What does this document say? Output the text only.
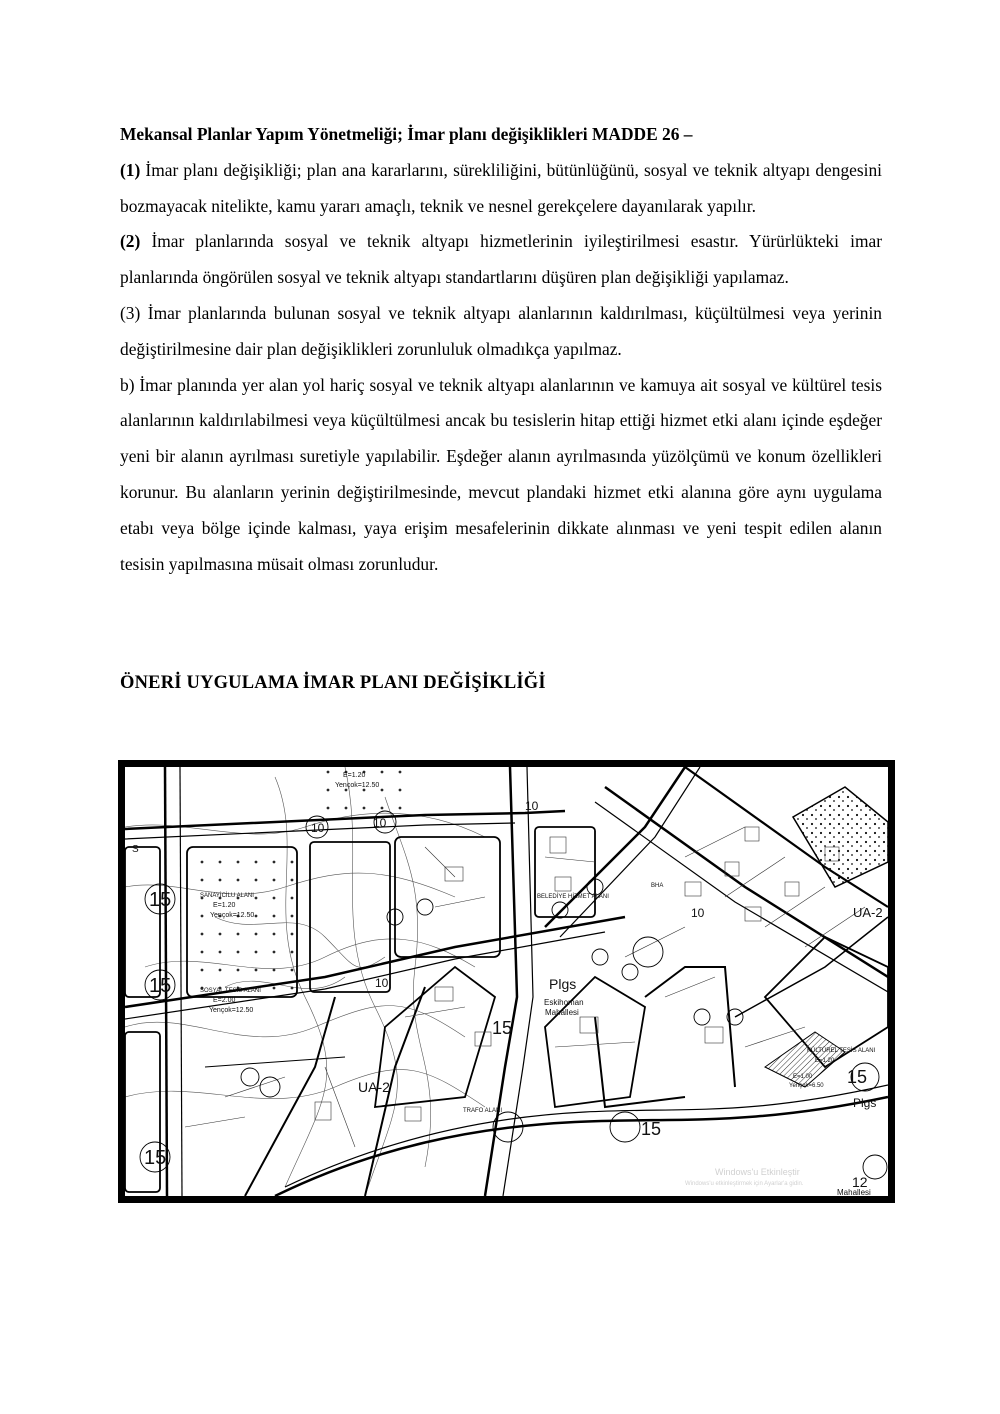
Mekansal Planlar Yapım Yönetmeliği; İmar planı değişiklikleri MADDE 26 –

(1) İmar planı değişikliği; plan ana kararlarını, sürekliliğini, bütünlüğünü, sosyal ve teknik altyapı dengesini bozmayacak nitelikte, kamu yararı amaçlı, teknik ve nesnel gerekçelere dayanılarak yapılır.

(2) İmar planlarında sosyal ve teknik altyapı hizmetlerinin iyileştirilmesi esastır. Yürürlükteki imar planlarında öngörülen sosyal ve teknik altyapı standartlarını düşüren plan değişikliği yapılamaz.

(3) İmar planlarında bulunan sosyal ve teknik altyapı alanlarının kaldırılması, küçültülmesi veya yerinin değiştirilmesine dair plan değişiklikleri zorunluluk olmadıkça yapılmaz.

b) İmar planında yer alan yol hariç sosyal ve teknik altyapı alanlarının ve kamuya ait sosyal ve kültürel tesis alanlarının kaldırılabilmesi veya küçültülmesi ancak bu tesislerin hitap ettiği hizmet etki alanı içinde eşdeğer yeni bir alanın ayrılması suretiyle yapılabilir. Eşdeğer alanın ayrılmasında yüzölçümü ve konum özellikleri korunur. Bu alanların yerinin değiştirilmesinde, mevcut plandaki hizmet etki alanına göre aynı uygulama etabı veya bölge içinde kalması, yaya erişim mesafelerinin dikkate alınması ve yeni tespit edilen alanın tesisin yapılmasına müsait olması zorunludur.

ÖNERİ UYGULAMA İMAR PLANI DEĞİŞİKLİĞİ
15
15
15
15
15
15
10	10
10
10
10
12
UA-2
UA-2
Plgs
Plgs
Eskihoman
Mahallesi
Mahallesi
S
SANAYİCİLU ALANI
E=1.20
Yençok=12.50
SOSYAL TESİS ALANI
E=2.00
Yençok=12.50
E=1.20
Yençok=12.50
BELEDİYE HİZMET ALANI
BHA
KÜLTÜREL TESİS ALANI
E=1.20
TRAFO ALANI
E=1.00
Yençok=6.50
Windows'u Etkinleştir
Windows'u etkinleştirmek için Ayarlar'a gidin.
